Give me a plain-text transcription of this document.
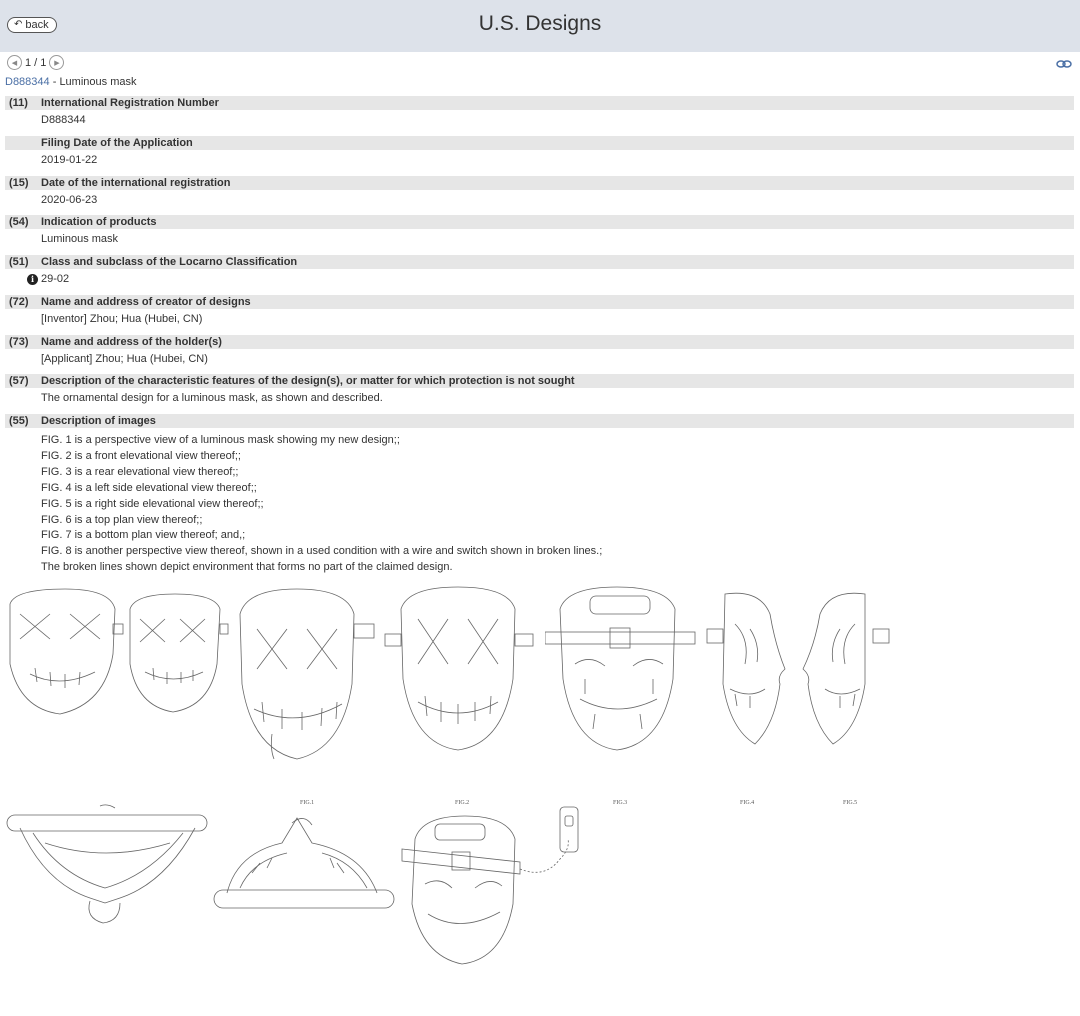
↶ back	U.S. Designs
◀ 1 / 1	▶
D888344 - Luminous mask
(11)	International Registration Number
D888344
Filing Date of the Application
2019-01-22
(15)	Date of the international registration
2020-06-23
(54)	Indication of products
Luminous mask
(51)	Class and subclass of the Locarno Classification
i 29-02
(72)	Name and address of creator of designs
[Inventor] Zhou; Hua (Hubei, CN)
(73)	Name and address of the holder(s)
[Applicant] Zhou; Hua (Hubei, CN)
(57)	Description of the characteristic features of the design(s), or matter for which protection is not sought
The ornamental design for a luminous mask, as shown and described.
(55)	Description of images
FIG. 1 is a perspective view of a luminous mask showing my new design;;
FIG. 2 is a front elevational view thereof;;
FIG. 3 is a rear elevational view thereof;;
FIG. 4 is a left side elevational view thereof;;
FIG. 5 is a right side elevational view thereof;;
FIG. 6 is a top plan view thereof;;
FIG. 7 is a bottom plan view thereof; and,;
FIG. 8 is another perspective view thereof, shown in a used condition with a wire and switch shown in broken lines.;
The broken lines shown depict environment that forms no part of the claimed design.
FIG.1	FIG.2	FIG.3	FIG.4	FIG.5
